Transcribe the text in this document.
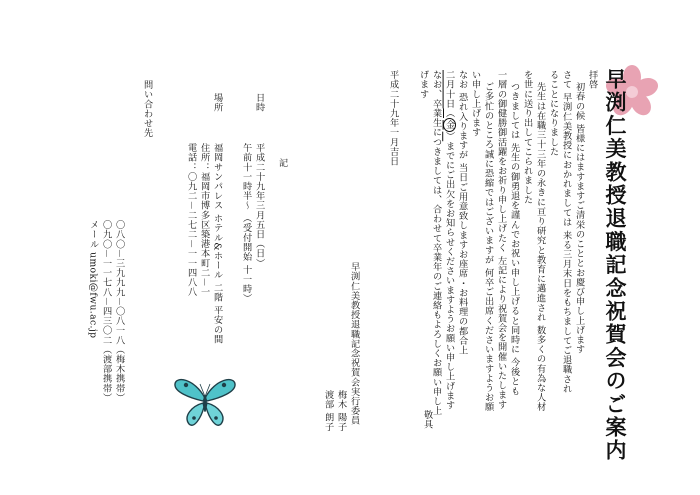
早渕仁美教授退職記念祝賀会のご案内
拝啓
初春の候 皆様にはますますご清栄のこととお慶び申し上げます
さて 早渕仁美教授におかれましては 来る三月末日をもちましてご退職され
ることになりました
先生は在職三十三年の永きに亘り研究と教育に邁進され 数多くの有為な人材
を世に送り出してこられました
つきましては 先生の御勇退を謹んでお祝い申し上げると同時に 今後とも
一層の御健勝御活躍をお祈り申し上げたく 左記により祝賀会を開催いたします
ご多忙のところ誠に恐縮ではございますが 何卒ご出席くださいますようお願
い申し上げます
なお 恐れ入りますが 当日ご用意致しますお座席・お料理の都合上
二月十日（金）までにご出欠をお知らせくださいますようお願い申し上げます
なお、卒業生につきましては、合わせて卒業年のご連絡もよろしくお願い申し上
げます
敬具
平成二十九年一月吉日
早渕仁美教授退職記念祝賀会実行委員
梅木 陽子
渡部 朗子
記
日時
平成二十九年三月五日（日）
午前十一時半～ （受付開始 十一時）
場所
福岡サンパレス ホテル&ホール 二階 平安の間
住所：福岡市博多区築港本町二－一
電話：〇九二－二七二－一一四八八
問い合わせ先
〇八〇－三九九九－〇八一八（梅木携帯）
〇九〇－一一七八－四三〇二（渡部携帯）
メール umoki@fwu.ac.jp
